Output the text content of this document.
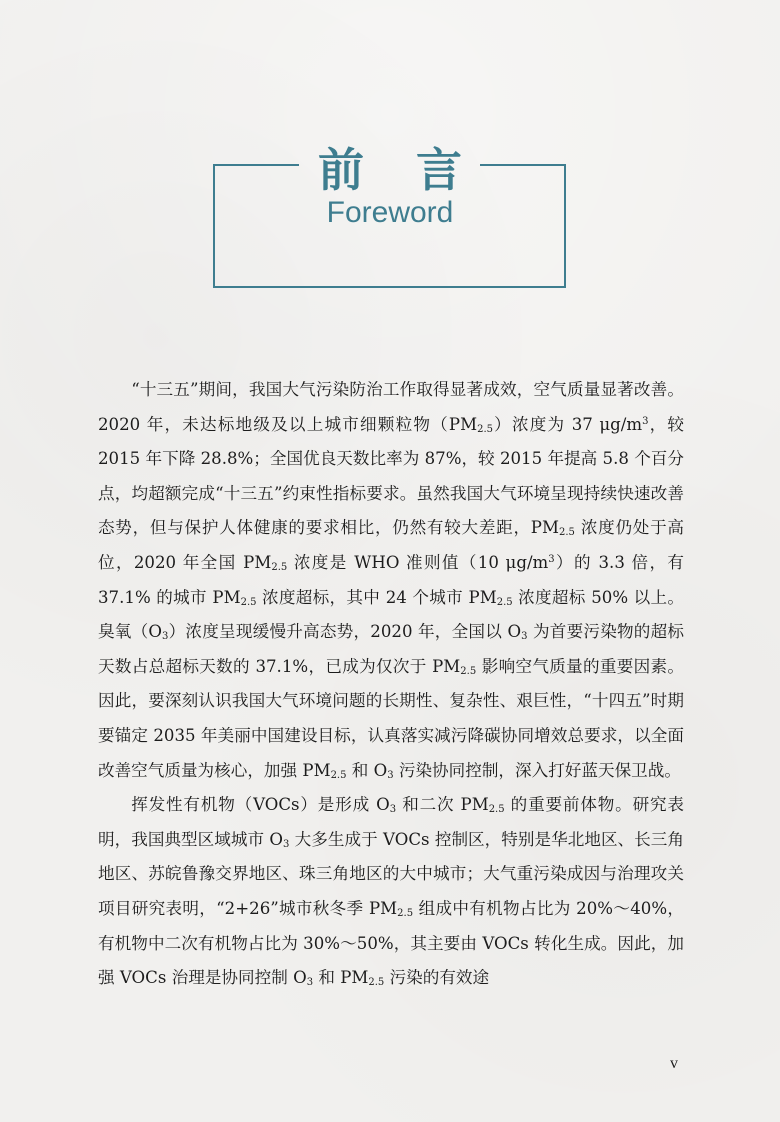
前言
Foreword

“十三五”期间，我国大气污染防治工作取得显著成效，空气质量显著改善。2020 年，未达标地级及以上城市细颗粒物$(PM_{2.5})$浓度为 37 $\mu g/m^3$，较 2015 年下降 28.8%；全国优良天数比率为 87%，较 2015 年提高 5.8 个百分点，均超额完成“十三五”约束性指标要求。虽然我国大气环境呈现持续快速改善态势，但与保护人体健康的要求相比，仍然有较大差距，$PM_{2.5}$ 浓度仍处于高位，2020 年全国 $PM_{2.5}$ 浓度是 WHO 准则值（10 $\mu g/m^3$）的 3.3 倍，有 37.1% 的城市 $PM_{2.5}$ 浓度超标，其中 24 个城市 $PM_{2.5}$ 浓度超标 50% 以上。臭氧$(O_3)$浓度呈现缓慢升高态势，2020 年，全国以 $O_3$ 为首要污染物的超标天数占总超标天数的 37.1%，已成为仅次于 $PM_{2.5}$ 影响空气质量的重要因素。因此，要深刻认识我国大气环境问题的长期性、复杂性、艰巨性，“十四五”时期要锚定 2035 年美丽中国建设目标，认真落实减污降碳协同增效总要求，以全面改善空气质量为核心，加强 $PM_{2.5}$ 和 $O_3$ 污染协同控制，深入打好蓝天保卫战。

挥发性有机物（VOCs）是形成 $O_3$ 和二次 $PM_{2.5}$ 的重要前体物。研究表明，我国典型区域城市 $O_3$ 大多生成于 VOCs 控制区，特别是华北地区、长三角地区、苏皖鲁豫交界地区、珠三角地区的大中城市；大气重污染成因与治理攻关项目研究表明，“2+26”城市秋冬季 $PM_{2.5}$ 组成中有机物占比为 20%～40%，有机物中二次有机物占比为 30%～50%，其主要由 VOCs 转化生成。因此，加强 VOCs 治理是协同控制 $O_3$ 和 $PM_{2.5}$ 污染的有效途

v
